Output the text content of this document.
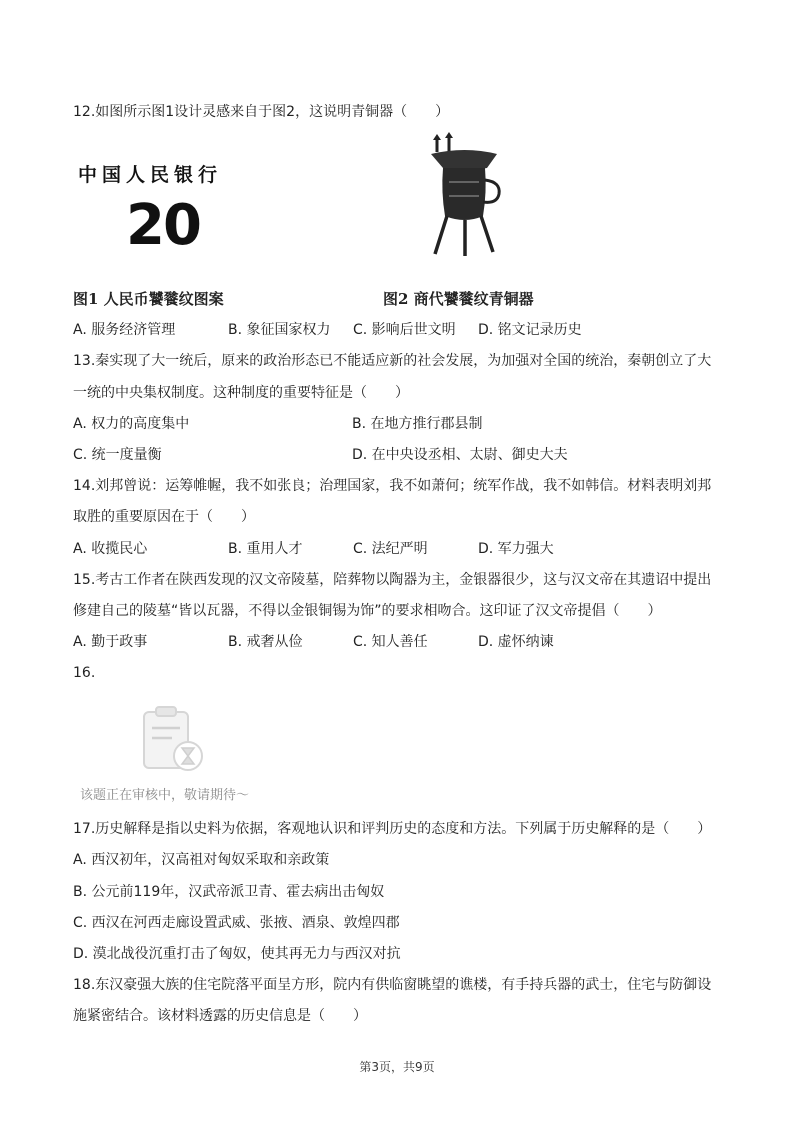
12.如图所示图1设计灵感来自于图2，这说明青铜器（　　）
中国人民银行
20
图1 人民币饕餮纹图案	图2 商代饕餮纹青铜器
A. 服务经济管理	B. 象征国家权力 C. 影响后世文明 D. 铭文记录历史
13.秦实现了大一统后，原来的政治形态已不能适应新的社会发展，为加强对全国的统治，秦朝创立了大
一统的中央集权制度。这种制度的重要特征是（　　）
A. 权力的高度集中	B. 在地方推行郡县制
C. 统一度量衡	D. 在中央设丞相、太尉、御史大夫
14.刘邦曾说：运筹帷幄，我不如张良；治理国家，我不如萧何；统军作战，我不如韩信。材料表明刘邦
取胜的重要原因在于（　　）
A. 收揽民心	B. 重用人才	C. 法纪严明	D. 军力强大
15.考古工作者在陕西发现的汉文帝陵墓，陪葬物以陶器为主，金银器很少，这与汉文帝在其遗诏中提出
修建自己的陵墓“皆以瓦器，不得以金银铜锡为饰”的要求相吻合。这印证了汉文帝提倡（　　）
A. 勤于政事	B. 戒奢从俭	C. 知人善任	D. 虚怀纳谏
16.
该题正在审核中，敬请期待～
17.历史解释是指以史料为依据，客观地认识和评判历史的态度和方法。下列属于历史解释的是（　　）
A. 西汉初年，汉高祖对匈奴采取和亲政策
B. 公元前119年，汉武帝派卫青、霍去病出击匈奴
C. 西汉在河西走廊设置武威、张掖、酒泉、敦煌四郡
D. 漠北战役沉重打击了匈奴，使其再无力与西汉对抗
18.东汉豪强大族的住宅院落平面呈方形，院内有供临窗眺望的谯楼，有手持兵器的武士，住宅与防御设
施紧密结合。该材料透露的历史信息是（　　）
第3页，共9页
